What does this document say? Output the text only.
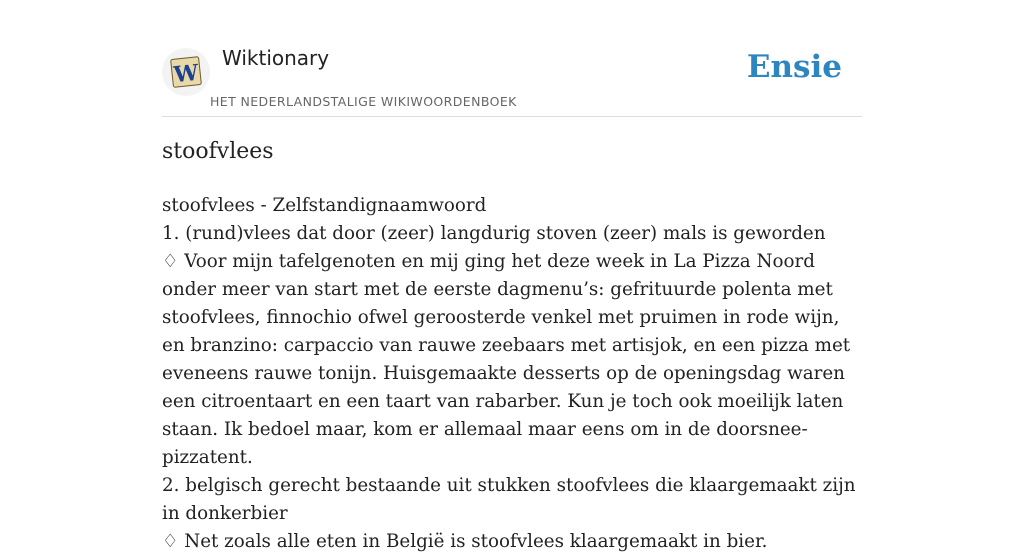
W
Wiktionary
HET NEDERLANDSTALIGE WIKIWOORDENBOEK
Ensie
stoofvlees

stoofvlees - Zelfstandignaamwoord

1. (rund)vlees dat door (zeer) langdurig stoven (zeer) mals is geworden

♢ Voor mijn tafelgenoten en mij ging het deze week in La Pizza Noord onder meer van start met de eerste dagmenu’s: gefrituurde polenta met stoofvlees, finnochio ofwel geroosterde venkel met pruimen in rode wijn, en branzino: carpaccio van rauwe zeebaars met artisjok, en een pizza met eveneens rauwe tonijn. Huisgemaakte desserts op de openingsdag waren een citroentaart en een taart van rabarber. Kun je toch ook moeilijk laten staan. Ik bedoel maar, kom er allemaal maar eens om in de doorsnee-pizzatent.

2. belgisch gerecht bestaande uit stukken stoofvlees die klaargemaakt zijn in donkerbier

♢ Net zoals alle eten in België is stoofvlees klaargemaakt in bier.
